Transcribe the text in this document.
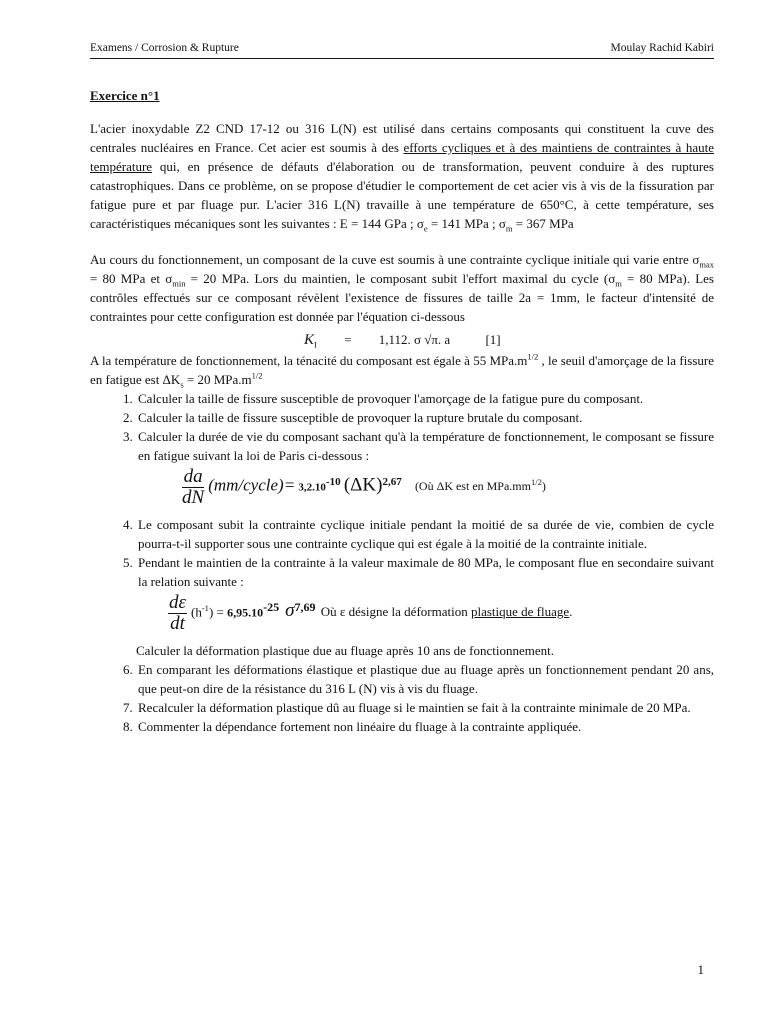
Examens / Corrosion & Rupture	Moulay Rachid Kabiri
Exercice n°1

L'acier inoxydable Z2 CND 17-12 ou 316 L(N) est utilisé dans certains composants qui constituent la cuve des centrales nucléaires en France. Cet acier est soumis à des efforts cycliques et à des maintiens de contraintes à haute température qui, en présence de défauts d'élaboration ou de transformation, peuvent conduire à des ruptures catastrophiques. Dans ce problème, on se propose d'étudier le comportement de cet acier vis à vis de la fissuration par fatigue pure et par fluage pur. L'acier 316 L(N) travaille à une température de 650°C, à cette température, ses caractéristiques mécaniques sont les suivantes : E = 144 GPa ; $\sigma_e = 141$ MPa ; $\sigma_m = 367$ MPa

Au cours du fonctionnement, un composant de la cuve est soumis à une contrainte cyclique initiale qui varie entre $\sigma_{max} = 80$ MPa et $\sigma_{min} = 20$ MPa. Lors du maintien, le composant subit l'effort maximal du cycle ($\sigma_m = 80$ MPa). Les contrôles effectués sur ce composant révèlent l'existence de fissures de taille 2a = 1mm, le facteur d'intensité de contraintes pour cette configuration est donnée par l'équation ci-dessous

$K_I = 1,112$. σ √π. a	[1]

A la température de fonctionnement, la ténacité du composant est égale à 55 $MPa.m^{1/2}$ , le seuil d'amorçage de la fissure en fatigue est $\Delta K_s = 20$ $MPa.m^{1/2}$

1. Calculer la taille de fissure susceptible de provoquer l'amorçage de la fatigue pure du composant.
2. Calculer la taille de fissure susceptible de provoquer la rupture brutale du composant.
3. Calculer la durée de vie du composant sachant qu'à la température de fonctionnement, le composant se fissure en fatigue suivant la loi de Paris ci-dessous :
$\frac{da}{dN}$ (mm/cycle)= $3,2.10^{-10}$ $(\Delta K)^{2,67}$ (Où ΔK est en $MPa.mm^{1/2}$)
4. Le composant subit la contrainte cyclique initiale pendant la moitié de sa durée de vie, combien de cycle pourra-t-il supporter sous une contrainte cyclique qui est égale à la moitié de la contrainte initiale.
5. Pendant le maintien de la contrainte à la valeur maximale de 80 MPa, le composant flue en secondaire suivant la relation suivante :
$\frac{d\varepsilon}{dt} (h^{-1}) = 6,95.10^{-25}$ $\sigma^{7,69}$ Où ε désigne la déformation plastique de fluage.
Calculer la déformation plastique due au fluage après 10 ans de fonctionnement.
6. En comparant les déformations élastique et plastique due au fluage après un fonctionnement pendant 20 ans, que peut-on dire de la résistance du 316 L (N) vis à vis du fluage.
7. Recalculer la déformation plastique dû au fluage si le maintien se fait à la contrainte minimale de 20 MPa.
8. Commenter la dépendance fortement non linéaire du fluage à la contrainte appliquée.
1
